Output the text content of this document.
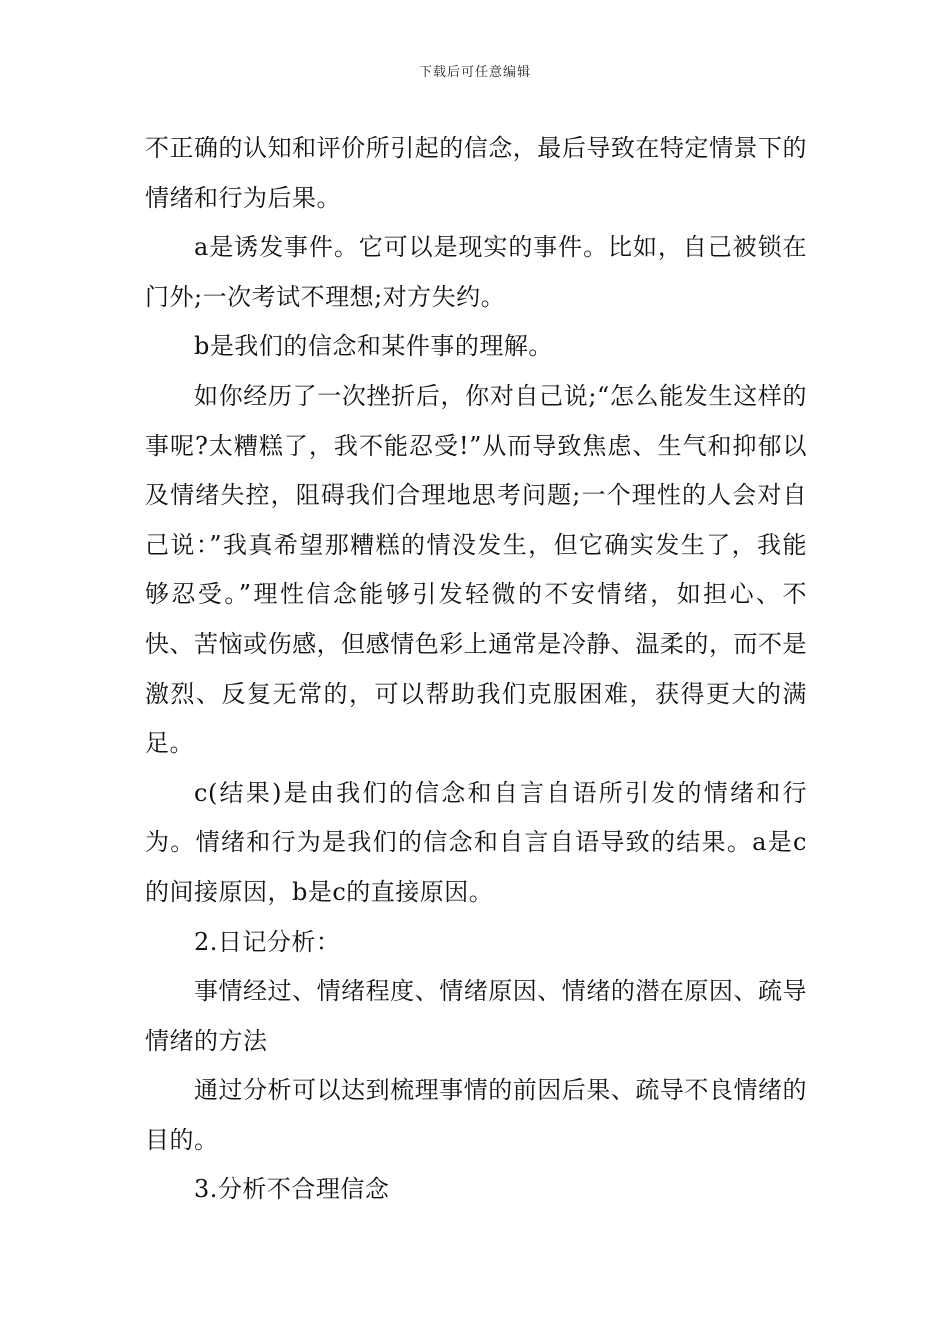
下载后可任意编辑

不正确的认知和评价所引起的信念，最后导致在特定情景下的情绪和行为后果。

a是诱发事件。它可以是现实的事件。比如，自己被锁在门外;一次考试不理想;对方失约。

b是我们的信念和某件事的理解。

如你经历了一次挫折后，你对自己说;“怎么能发生这样的事呢?太糟糕了，我不能忍受!”从而导致焦虑、生气和抑郁以及情绪失控，阻碍我们合理地思考问题;一个理性的人会对自己说：”我真希望那糟糕的情没发生，但它确实发生了，我能够忍受。”理性信念能够引发轻微的不安情绪，如担心、不快、苦恼或伤感，但感情色彩上通常是冷静、温柔的，而不是激烈、反复无常的，可以帮助我们克服困难，获得更大的满足。

c(结果)是由我们的信念和自言自语所引发的情绪和行为。情绪和行为是我们的信念和自言自语导致的结果。a是c的间接原因，b是c的直接原因。

2.日记分析：

事情经过、情绪程度、情绪原因、情绪的潜在原因、疏导情绪的方法

通过分析可以达到梳理事情的前因后果、疏导不良情绪的目的。

3.分析不合理信念
